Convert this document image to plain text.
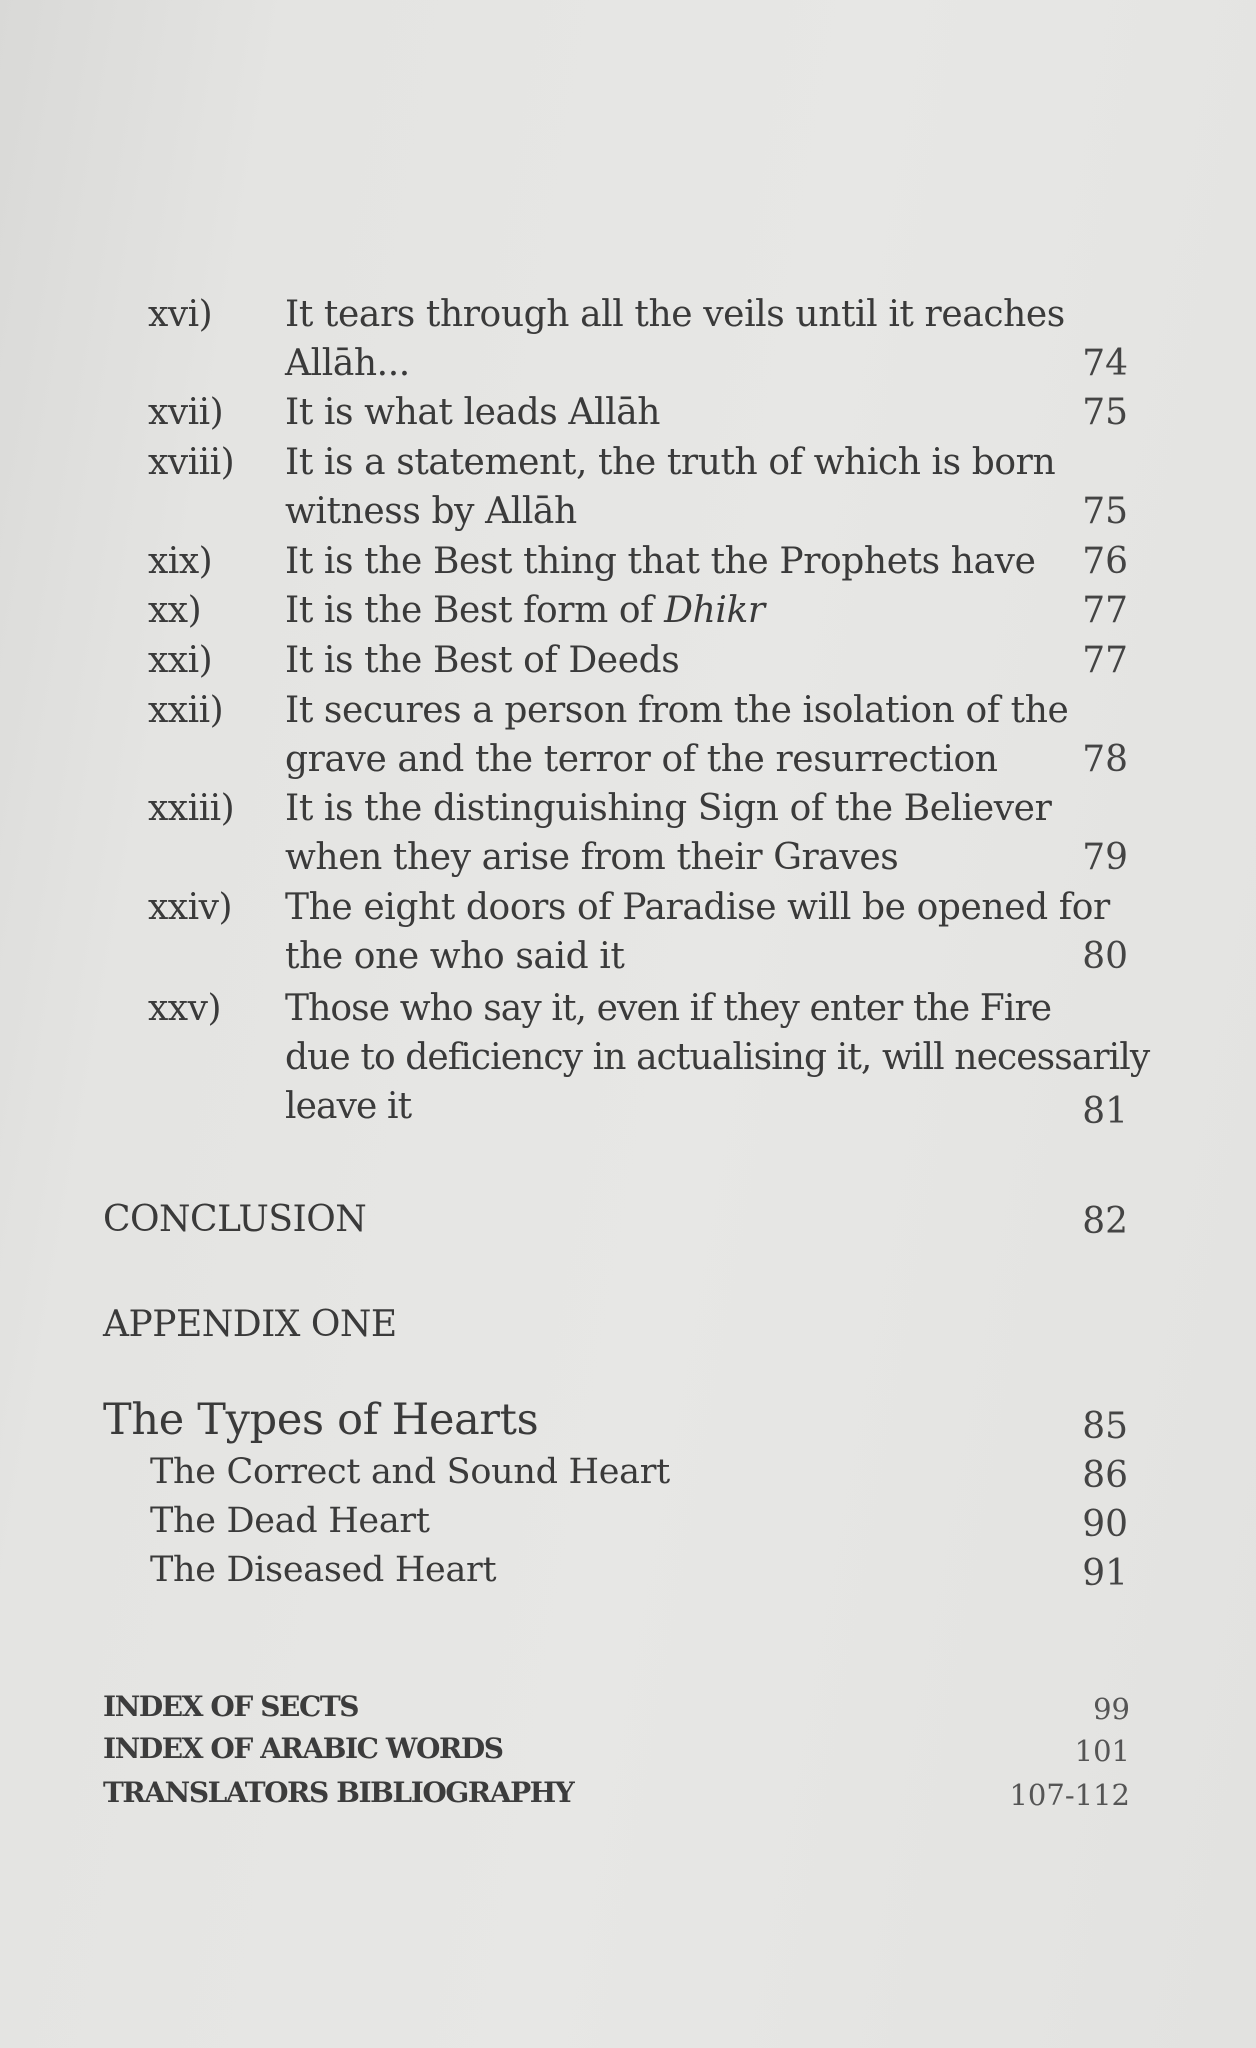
xvi) It tears through all the veils until it reaches
Allāh...	74
xvii) It is what leads Allāh	75
xviii) It is a statement, the truth of which is born
witness by Allāh	75
xix) It is the Best thing that the Prophets have	76
xx) It is the Best form of Dhikr	77
xxi) It is the Best of Deeds	77
xxii) It secures a person from the isolation of the
grave and the terror of the resurrection	78
xxiii) It is the distinguishing Sign of the Believer
when they arise from their Graves	79
xxiv) The eight doors of Paradise will be opened for
the one who said it	80
xxv) Those who say it, even if they enter the Fire
due to deficiency in actualising it, will necessarily
leave it	81
CONCLUSION	82
APPENDIX ONE
The Types of Hearts	85
The Correct and Sound Heart	86
The Dead Heart	90
The Diseased Heart	91
INDEX OF SECTS	99
INDEX OF ARABIC WORDS	101
TRANSLATORS BIBLIOGRAPHY	107-112
